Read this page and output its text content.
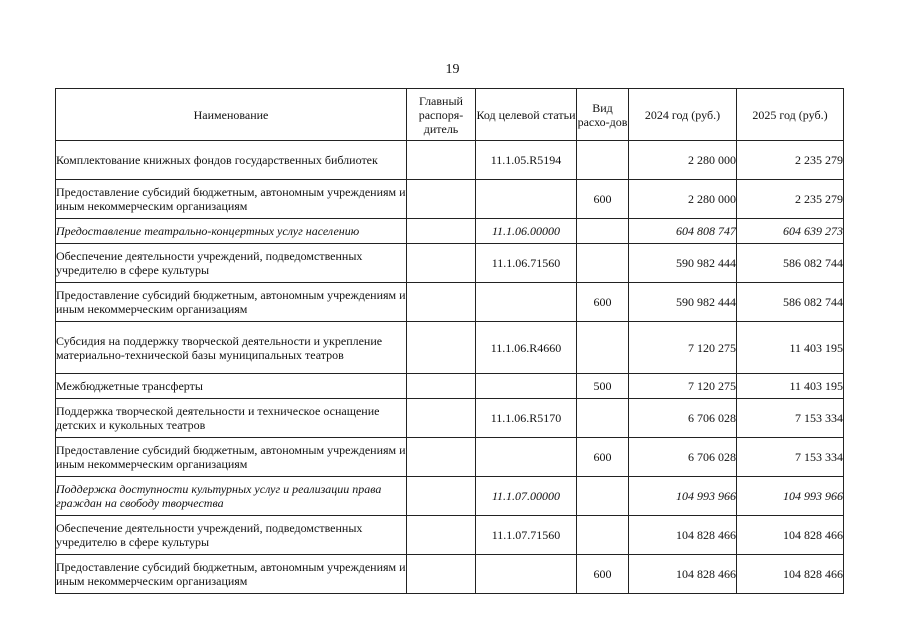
19
Наименование	Главный распоря-дитель	Код целевой статьи	Вид расхо-дов	2024 год (руб.)	2025 год (руб.)
Комплектование книжных фондов государственных библиотек		11.1.05.R5194		2 280 000	2 235 279
Предоставление субсидий бюджетным, автономным учреждениям и иным некоммерческим организациям			600	2 280 000	2 235 279
Предоставление театрально-концертных услуг населению		11.1.06.00000		604 808 747	604 639 273
Обеспечение деятельности учреждений, подведомственных учредителю в сфере культуры		11.1.06.71560		590 982 444	586 082 744
Предоставление субсидий бюджетным, автономным учреждениям и иным некоммерческим организациям			600	590 982 444	586 082 744
Субсидия на поддержку творческой деятельности и укрепление материально-технической базы муниципальных театров		11.1.06.R4660		7 120 275	11 403 195
Межбюджетные трансферты			500	7 120 275	11 403 195
Поддержка творческой деятельности и техническое оснащение детских и кукольных театров		11.1.06.R5170		6 706 028	7 153 334
Предоставление субсидий бюджетным, автономным учреждениям и иным некоммерческим организациям			600	6 706 028	7 153 334
Поддержка доступности культурных услуг и реализации права граждан на свободу творчества		11.1.07.00000		104 993 966	104 993 966
Обеспечение деятельности учреждений, подведомственных учредителю в сфере культуры		11.1.07.71560		104 828 466	104 828 466
Предоставление субсидий бюджетным, автономным учреждениям и иным некоммерческим организациям			600	104 828 466	104 828 466
